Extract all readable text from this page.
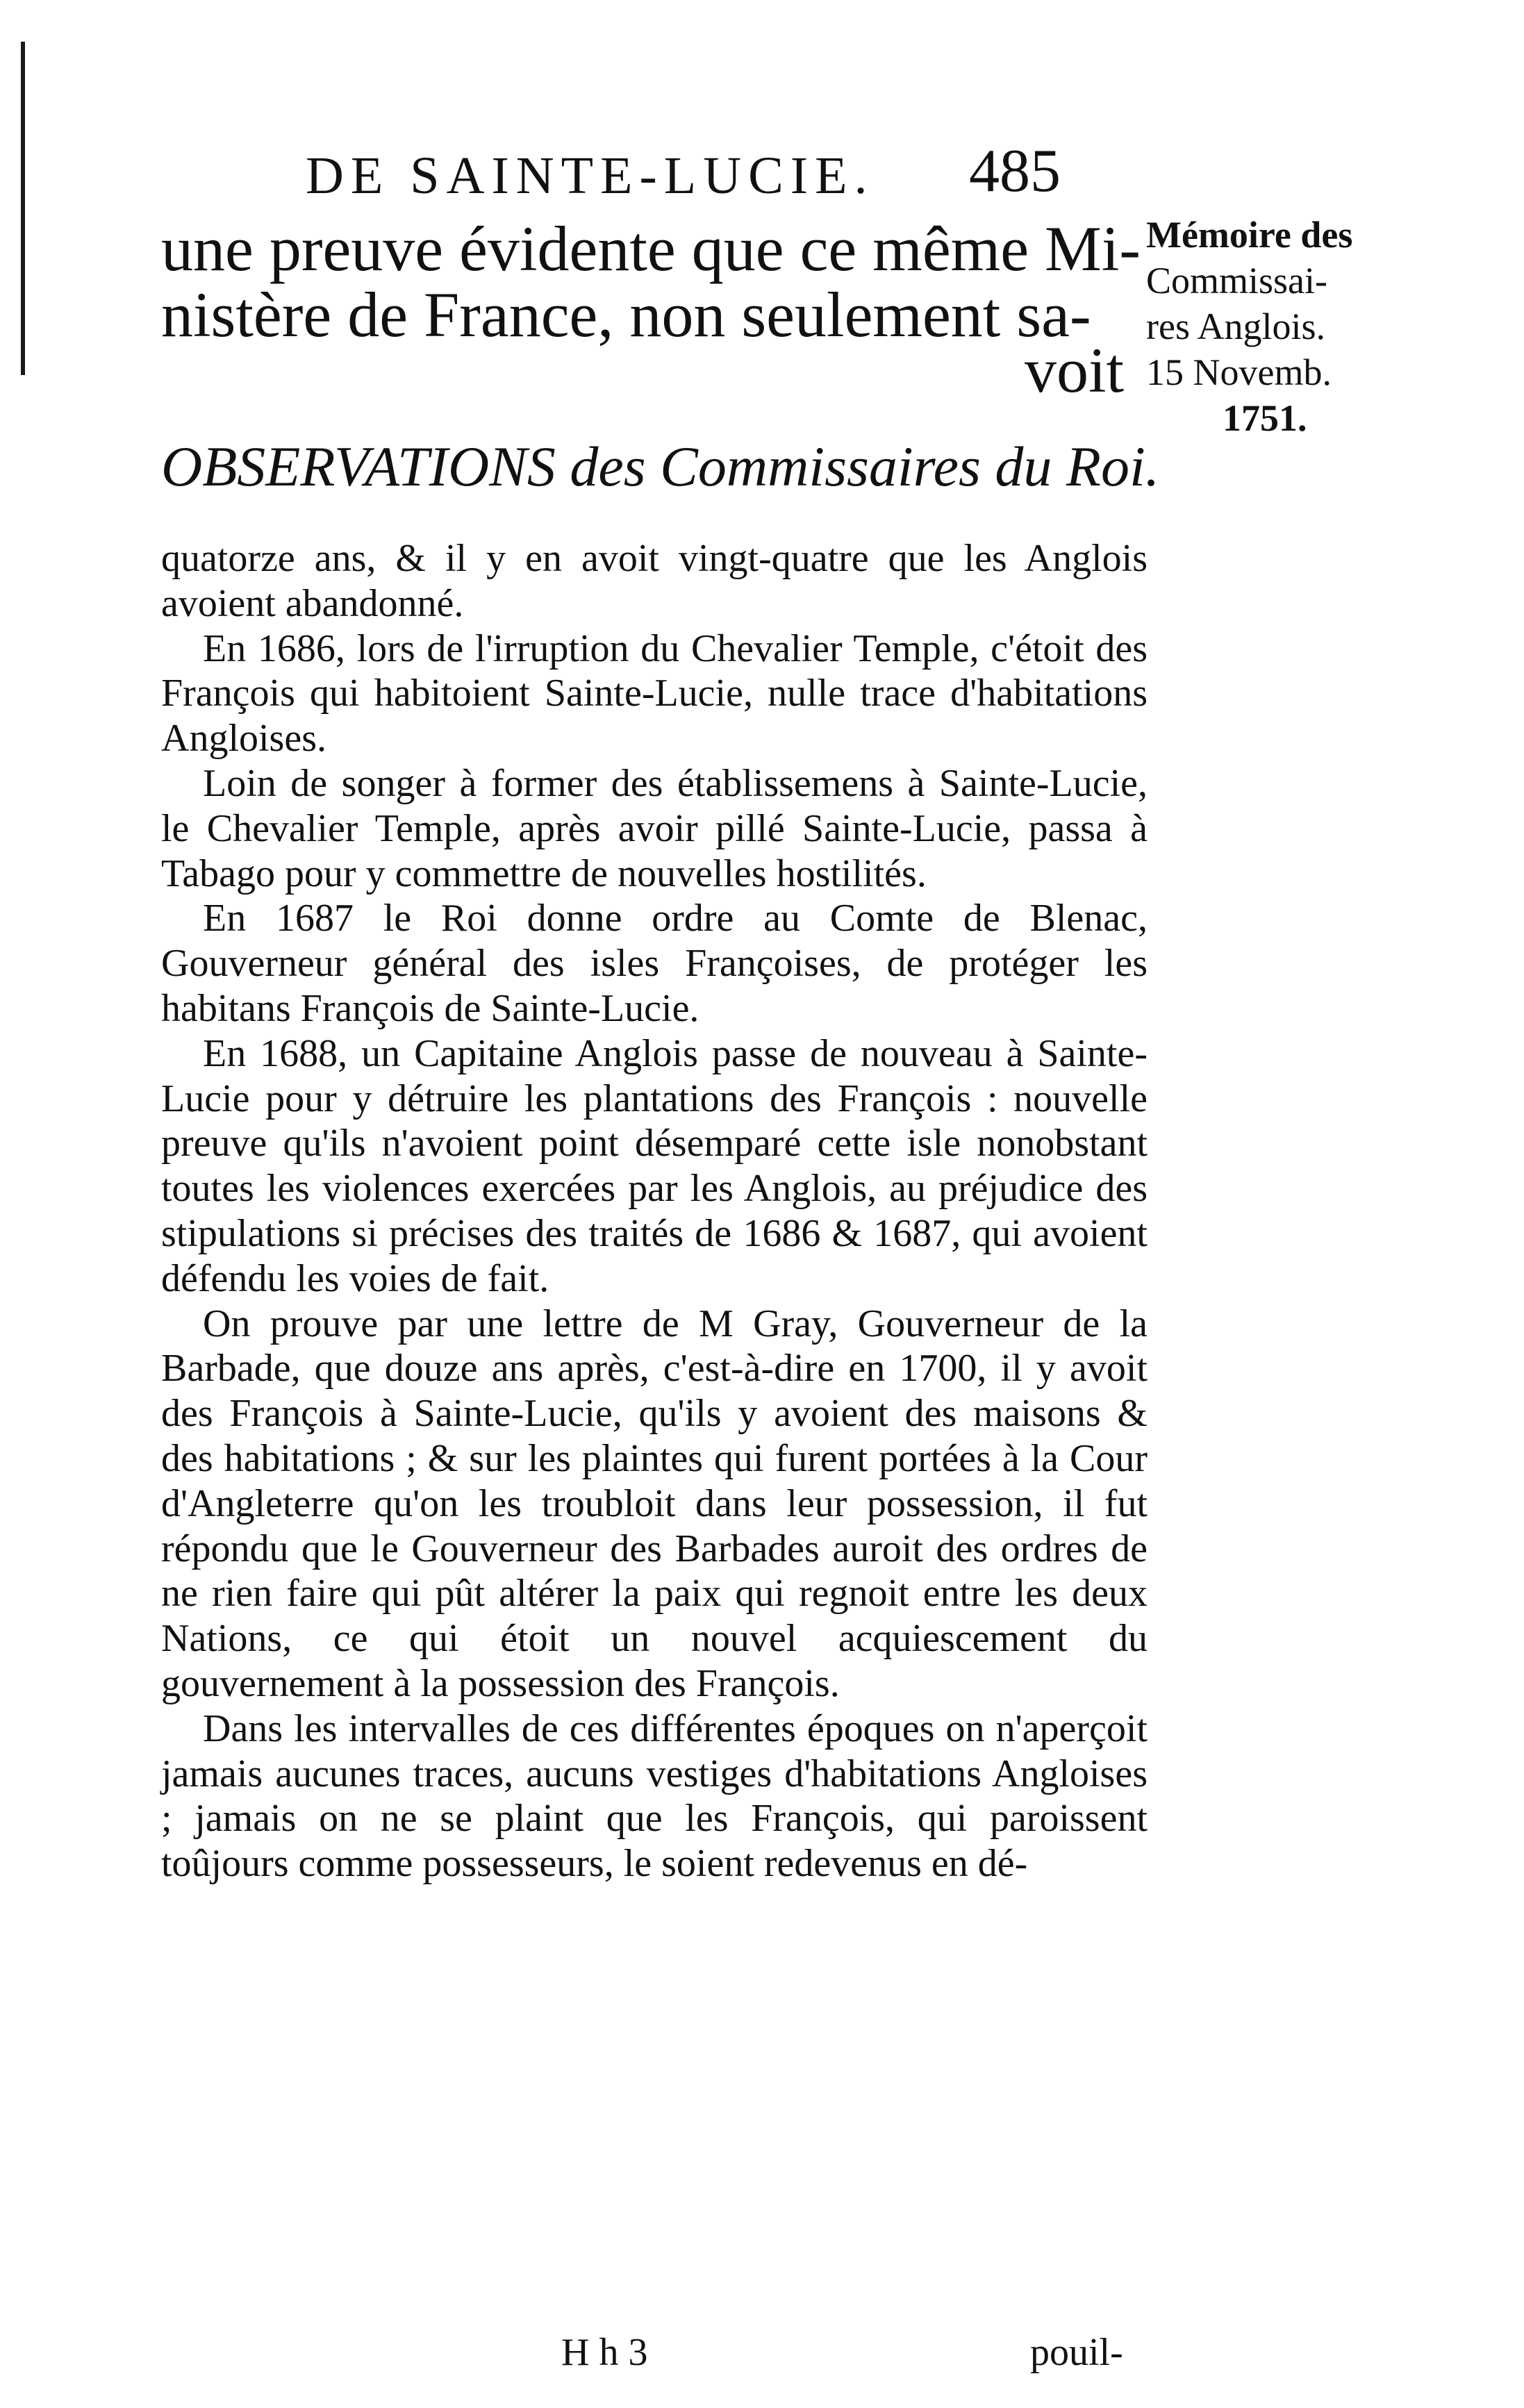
DE SAINTE-LUCIE. 485
une preuve évidente que ce même Mi-
nistère de France, non seulement sa-
voit
Mémoire des
Commissai-
res Anglois.
15 Novemb.
1751.
OBSERVATIONS des Commissaires du Roi.

quatorze ans, & il y en avoit vingt-quatre que les Anglois avoient abandonné.

En 1686, lors de l'irruption du Chevalier Temple, c'étoit des François qui habitoient Sainte-Lucie, nulle trace d'habitations Angloises.

Loin de songer à former des établissemens à Sainte-Lucie, le Chevalier Temple, après avoir pillé Sainte-Lucie, passa à Tabago pour y commettre de nouvelles hostilités.

En 1687 le Roi donne ordre au Comte de Blenac, Gouverneur général des isles Françoises, de protéger les habitans François de Sainte-Lucie.

En 1688, un Capitaine Anglois passe de nouveau à Sainte-Lucie pour y détruire les plantations des François : nouvelle preuve qu'ils n'avoient point désemparé cette isle nonobstant toutes les violences exercées par les Anglois, au préjudice des stipulations si précises des traités de 1686 & 1687, qui avoient défendu les voies de fait.

On prouve par une lettre de M Gray, Gouverneur de la Barbade, que douze ans après, c'est-à-dire en 1700, il y avoit des François à Sainte-Lucie, qu'ils y avoient des maisons & des habitations ; & sur les plaintes qui furent portées à la Cour d'Angleterre qu'on les troubloit dans leur possession, il fut répondu que le Gouverneur des Barbades auroit des ordres de ne rien faire qui pût altérer la paix qui regnoit entre les deux Nations, ce qui étoit un nouvel acquiescement du gouvernement à la possession des François.

Dans les intervalles de ces différentes époques on n'aperçoit jamais aucunes traces, aucuns vestiges d'habitations Angloises ; jamais on ne se plaint que les François, qui paroissent toûjours comme possesseurs, le soient redevenus en dé-

H h 3	pouil-
